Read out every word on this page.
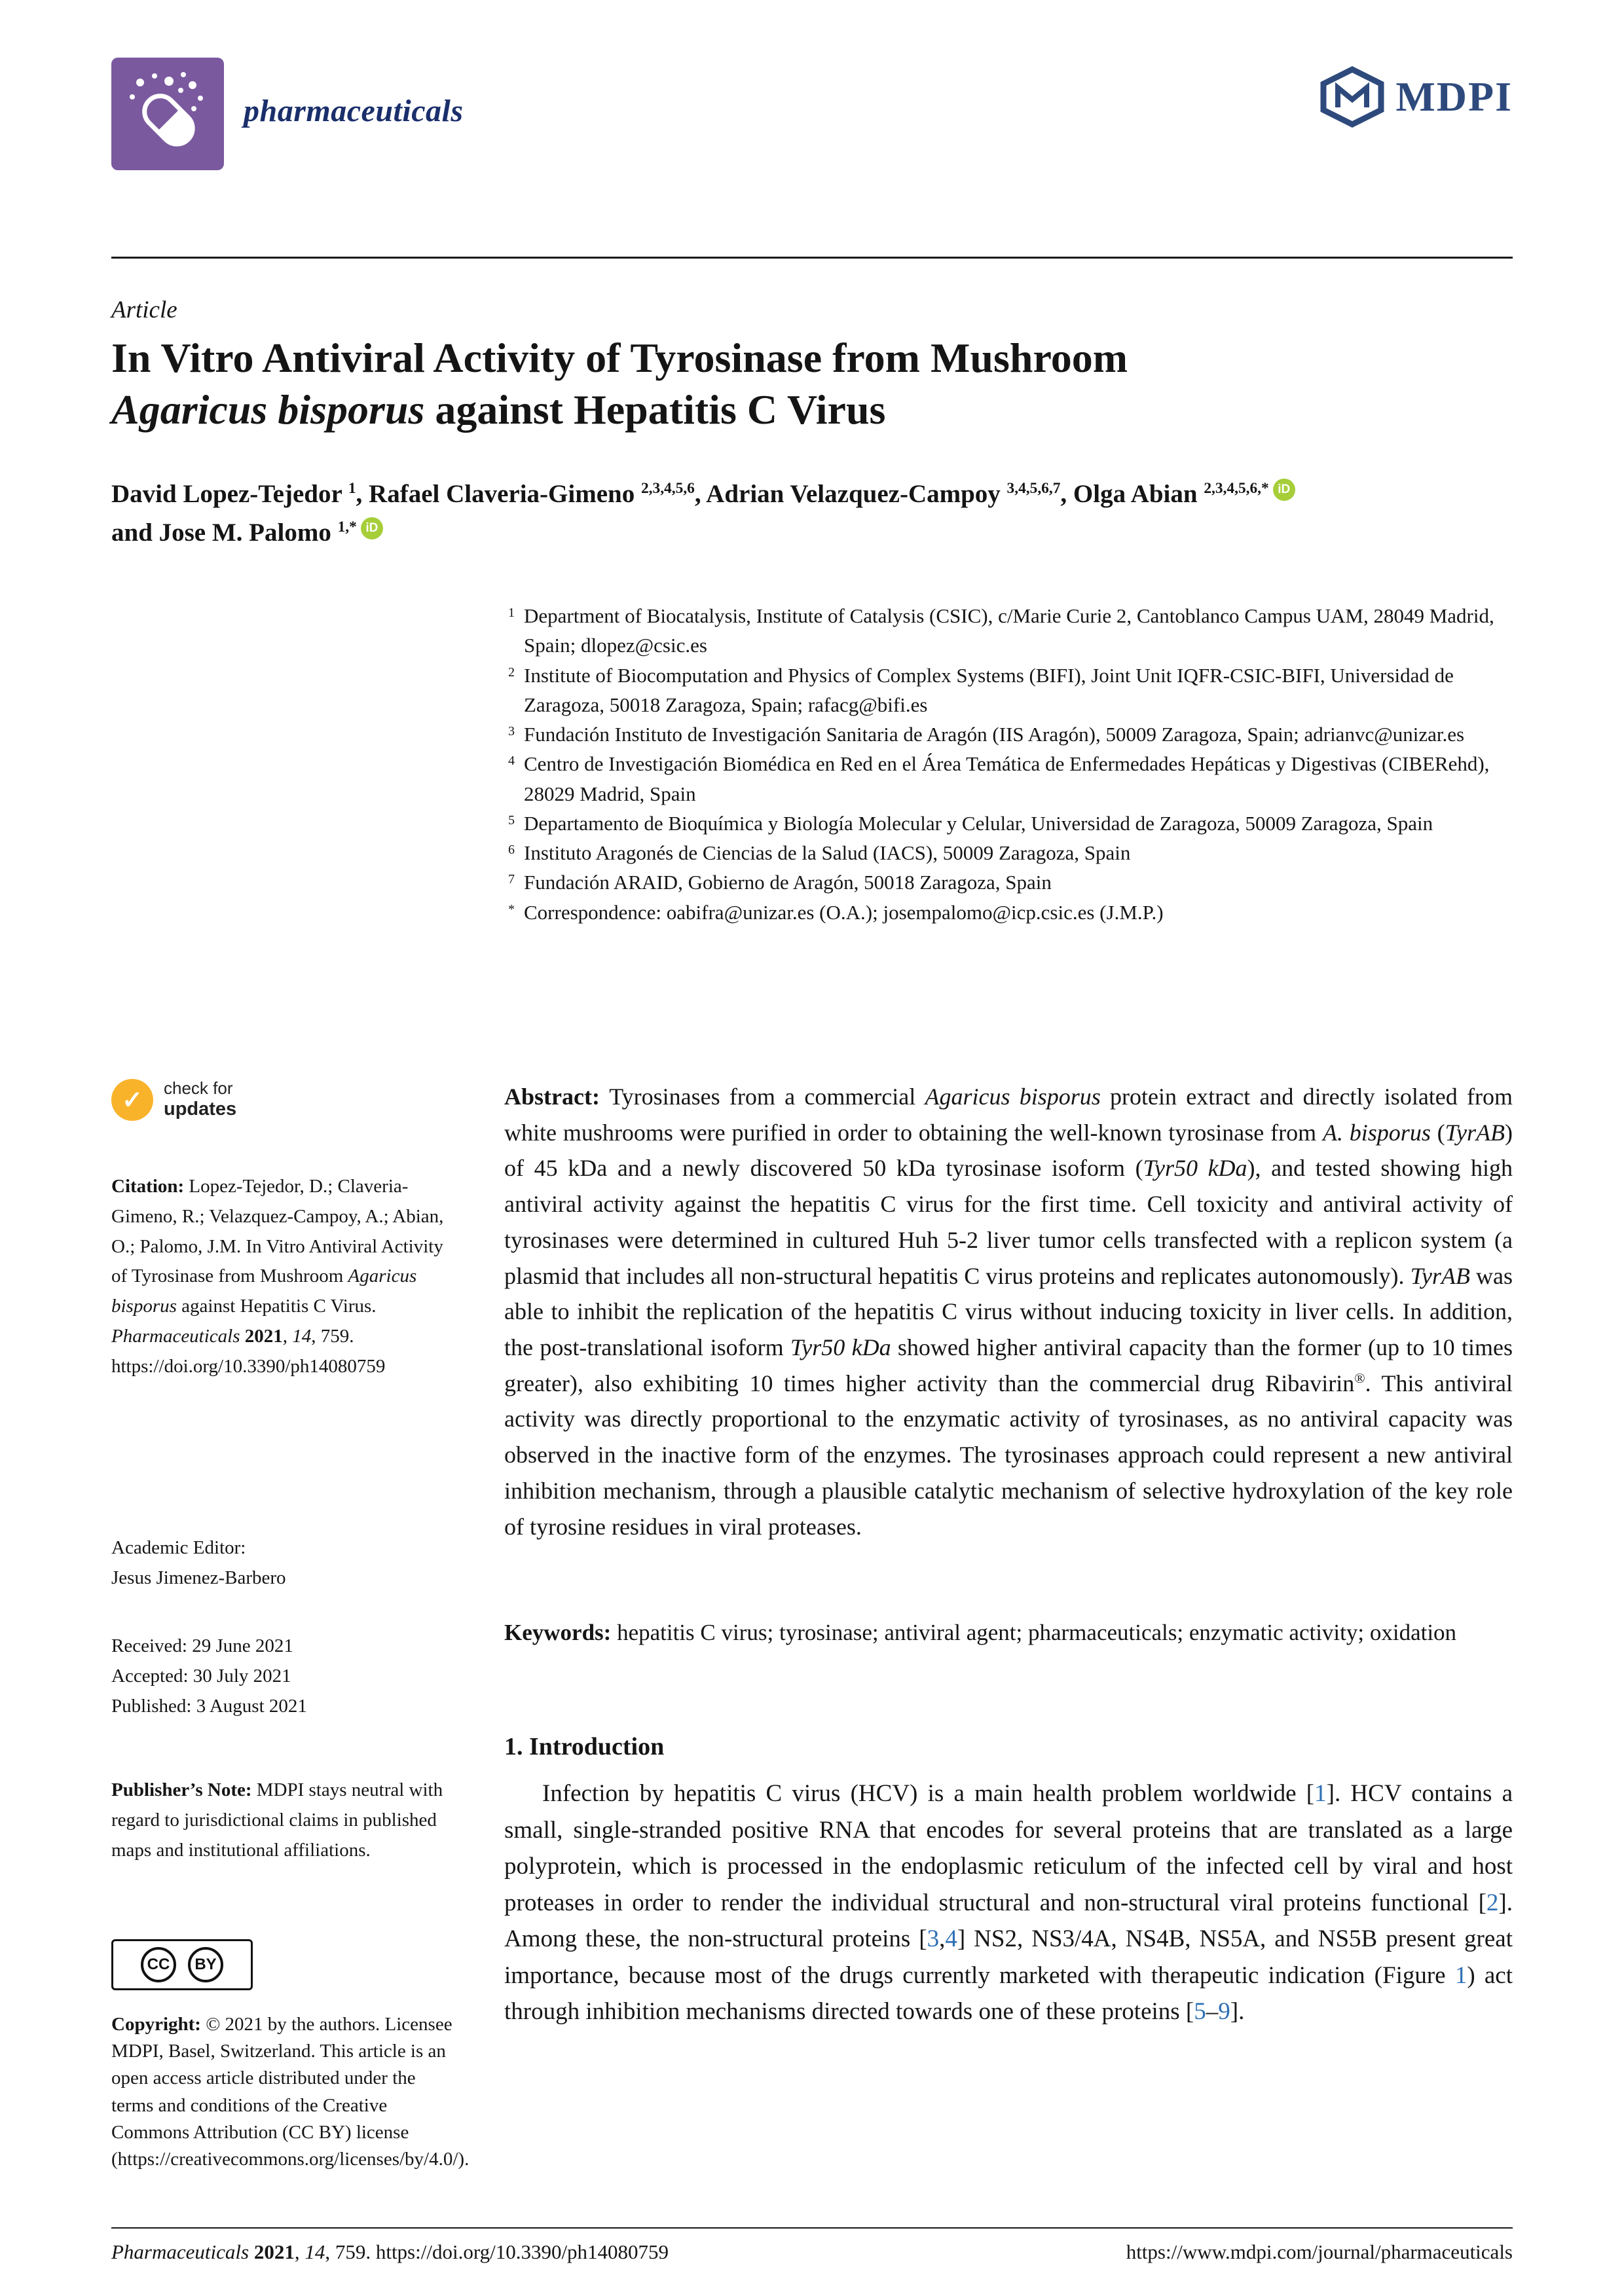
pharmaceuticals	MDPI
Article
In Vitro Antiviral Activity of Tyrosinase from Mushroom
Agaricus bisporus against Hepatitis C Virus
David Lopez-Tejedor $^1$, Rafael Claveria-Gimeno $^{2,3,4,5,6}$, Adrian Velazquez-Campoy $^{3,4,5,6,7}$, Olga Abian $^{2,3,4,5,6,*}$ iD
and Jose M. Palomo $^{1,*}$ iD
1 Department of Biocatalysis, Institute of Catalysis (CSIC), c/Marie Curie 2, Cantoblanco Campus UAM, 28049 Madrid, Spain; dlopez@csic.es
2 Institute of Biocomputation and Physics of Complex Systems (BIFI), Joint Unit IQFR-CSIC-BIFI, Universidad de Zaragoza, 50018 Zaragoza, Spain; rafacg@bifi.es
3 Fundación Instituto de Investigación Sanitaria de Aragón (IIS Aragón), 50009 Zaragoza, Spain; adrianvc@unizar.es
4 Centro de Investigación Biomédica en Red en el Área Temática de Enfermedades Hepáticas y Digestivas (CIBERehd), 28029 Madrid, Spain
5 Departamento de Bioquímica y Biología Molecular y Celular, Universidad de Zaragoza, 50009 Zaragoza, Spain
6 Instituto Aragonés de Ciencias de la Salud (IACS), 50009 Zaragoza, Spain
7 Fundación ARAID, Gobierno de Aragón, 50018 Zaragoza, Spain
* Correspondence: oabifra@unizar.es (O.A.); josempalomo@icp.csic.es (J.M.P.)
✓ check for
updates
Citation: Lopez-Tejedor, D.; Claveria-Gimeno, R.; Velazquez-Campoy, A.; Abian, O.; Palomo, J.M. In Vitro Antiviral Activity of Tyrosinase from Mushroom Agaricus bisporus against Hepatitis C Virus. Pharmaceuticals 2021, 14, 759. https://doi.org/10.3390/ph14080759
Academic Editor:
Jesus Jimenez-Barbero
Received: 29 June 2021
Accepted: 30 July 2021
Published: 3 August 2021
Publisher’s Note: MDPI stays neutral with regard to jurisdictional claims in published maps and institutional affiliations.
CC BY
Copyright: © 2021 by the authors. Licensee MDPI, Basel, Switzerland. This article is an open access article distributed under the terms and conditions of the Creative Commons Attribution (CC BY) license (https://creativecommons.org/licenses/by/4.0/).
Abstract: Tyrosinases from a commercial Agaricus bisporus protein extract and directly isolated from white mushrooms were purified in order to obtaining the well-known tyrosinase from A. bisporus (TyrAB) of 45 kDa and a newly discovered 50 kDa tyrosinase isoform (Tyr50 kDa), and tested showing high antiviral activity against the hepatitis C virus for the first time. Cell toxicity and antiviral activity of tyrosinases were determined in cultured Huh 5-2 liver tumor cells transfected with a replicon system (a plasmid that includes all non-structural hepatitis C virus proteins and replicates autonomously). TyrAB was able to inhibit the replication of the hepatitis C virus without inducing toxicity in liver cells. In addition, the post-translational isoform Tyr50 kDa showed higher antiviral capacity than the former (up to 10 times greater), also exhibiting 10 times higher activity than the commercial drug Ribavirin®. This antiviral activity was directly proportional to the enzymatic activity of tyrosinases, as no antiviral capacity was observed in the inactive form of the enzymes. The tyrosinases approach could represent a new antiviral inhibition mechanism, through a plausible catalytic mechanism of selective hydroxylation of the key role of tyrosine residues in viral proteases.
Keywords: hepatitis C virus; tyrosinase; antiviral agent; pharmaceuticals; enzymatic activity; oxidation
1. Introduction
Infection by hepatitis C virus (HCV) is a main health problem worldwide [1]. HCV contains a small, single-stranded positive RNA that encodes for several proteins that are translated as a large polyprotein, which is processed in the endoplasmic reticulum of the infected cell by viral and host proteases in order to render the individual structural and non-structural viral proteins functional [2]. Among these, the non-structural proteins [3,4] NS2, NS3/4A, NS4B, NS5A, and NS5B present great importance, because most of the drugs currently marketed with therapeutic indication (Figure 1) act through inhibition mechanisms directed towards one of these proteins [5–9].
Pharmaceuticals 2021, 14, 759. https://doi.org/10.3390/ph14080759	https://www.mdpi.com/journal/pharmaceuticals
